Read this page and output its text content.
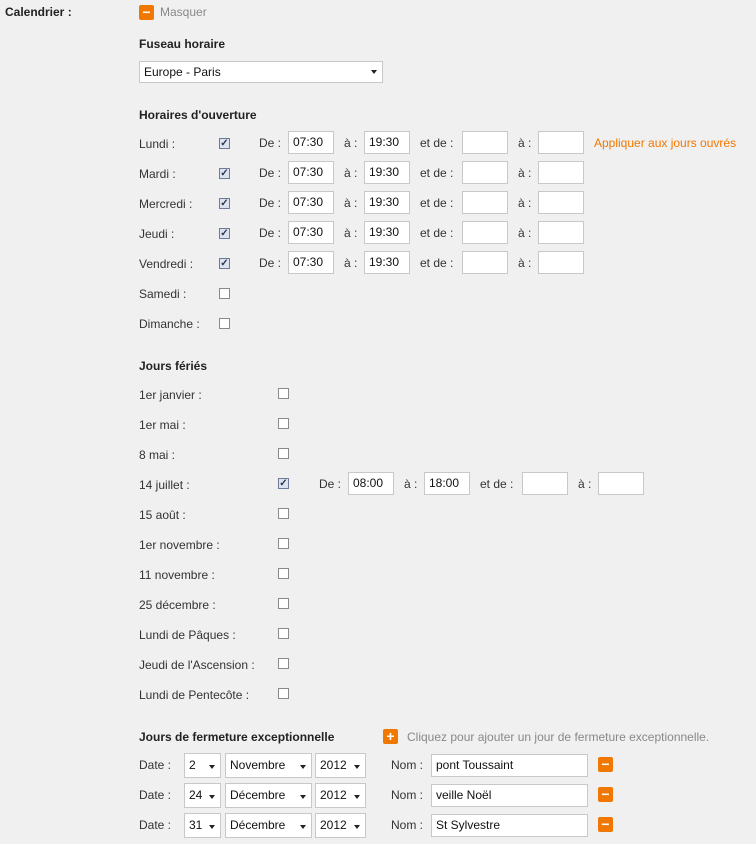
Calendrier : −	Masquer
Fuseau horaire
Europe - Paris
Horaires d'ouverture
Lundi : ✓	De : 07:30	à : 19:30	et de :	à :
Mardi : ✓	De : 07:30	à : 19:30	et de :	à :
Mercredi : ✓	De : 07:30	à : 19:30	et de :	à :
Jeudi : ✓	De : 07:30	à : 19:30	et de :	à :
Vendredi : ✓	De : 07:30	à : 19:30	et de :	à :
Samedi :
Dimanche :
Appliquer aux jours ouvrés
Jours fériés
1er janvier :
1er mai :
8 mai :
14 juillet : ✓	De : 08:00	à : 18:00	et de :	à :
15 août :
1er novembre :
11 novembre :
25 décembre :
Lundi de Pâques :
Jeudi de l'Ascension :
Lundi de Pentecôte :
Jours de fermeture exceptionnelle +	Cliquez pour ajouter un jour de fermeture exceptionnelle.
Date :	2	Novembre	2012	Nom :	pont Toussaint
−
Date :	24	Décembre	2012	Nom :	veille Noël
−
Date :	31	Décembre	2012	Nom :	St Sylvestre
−
